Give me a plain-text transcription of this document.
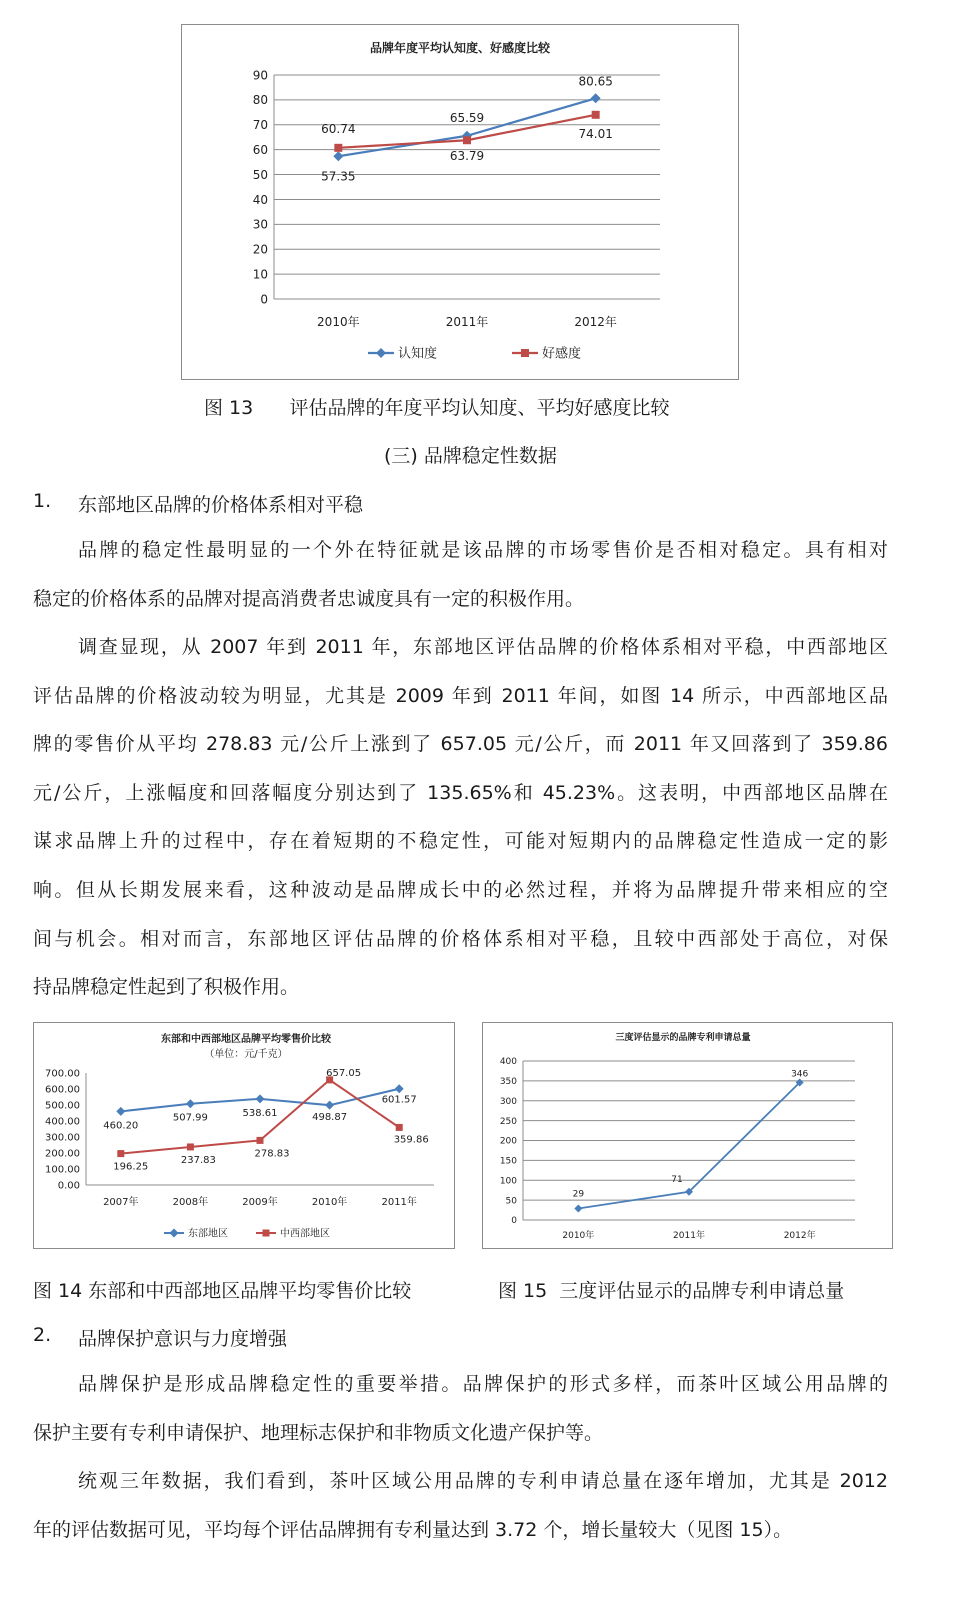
品牌年度平均认知度、好感度比较
0
10
20
30
40
50
60
70
80
90
2010年	2011年	2012年
57.35
65.59
80.65
60.74
63.79
74.01
认知度	好感度
图 13      评估品牌的年度平均认知度、平均好感度比较
(三) 品牌稳定性数据
1. 东部地区品牌的价格体系相对平稳
品牌的稳定性最明显的一个外在特征就是该品牌的市场零售价是否相对稳定。具有相对
稳定的价格体系的品牌对提高消费者忠诚度具有一定的积极作用。
调查显现，从 2007 年到 2011 年，东部地区评估品牌的价格体系相对平稳，中西部地区
评估品牌的价格波动较为明显，尤其是 2009 年到 2011 年间，如图 14 所示，中西部地区品
牌的零售价从平均 278.83 元/公斤上涨到了 657.05 元/公斤，而 2011 年又回落到了 359.86
元/公斤，上涨幅度和回落幅度分别达到了 135.65%和 45.23%。这表明，中西部地区品牌在
谋求品牌上升的过程中，存在着短期的不稳定性，可能对短期内的品牌稳定性造成一定的影
响。但从长期发展来看，这种波动是品牌成长中的必然过程，并将为品牌提升带来相应的空
间与机会。相对而言，东部地区评估品牌的价格体系相对平稳，且较中西部处于高位，对保
持品牌稳定性起到了积极作用。
东部和中西部地区品牌平均零售价比较
（单位：元/千克）
0.00
100.00
200.00
300.00
400.00
500.00
600.00
700.00
2007年	2008年	2009年	2010年	2011年
460.20
507.99	538.61	498.87
601.57
196.25
237.83
278.83
657.05
359.86
东部地区	中西部地区
三度评估显示的品牌专利申请总量
0
50
100
150
200
250
300
350
400
2010年	2011年	2012年
29
71
346
图 14 东部和中西部地区品牌平均零售价比较	图 15  三度评估显示的品牌专利申请总量
2. 品牌保护意识与力度增强
品牌保护是形成品牌稳定性的重要举措。品牌保护的形式多样，而茶叶区域公用品牌的
保护主要有专利申请保护、地理标志保护和非物质文化遗产保护等。
统观三年数据，我们看到，茶叶区域公用品牌的专利申请总量在逐年增加，尤其是 2012
年的评估数据可见，平均每个评估品牌拥有专利量达到 3.72 个，增长量较大（见图 15）。
